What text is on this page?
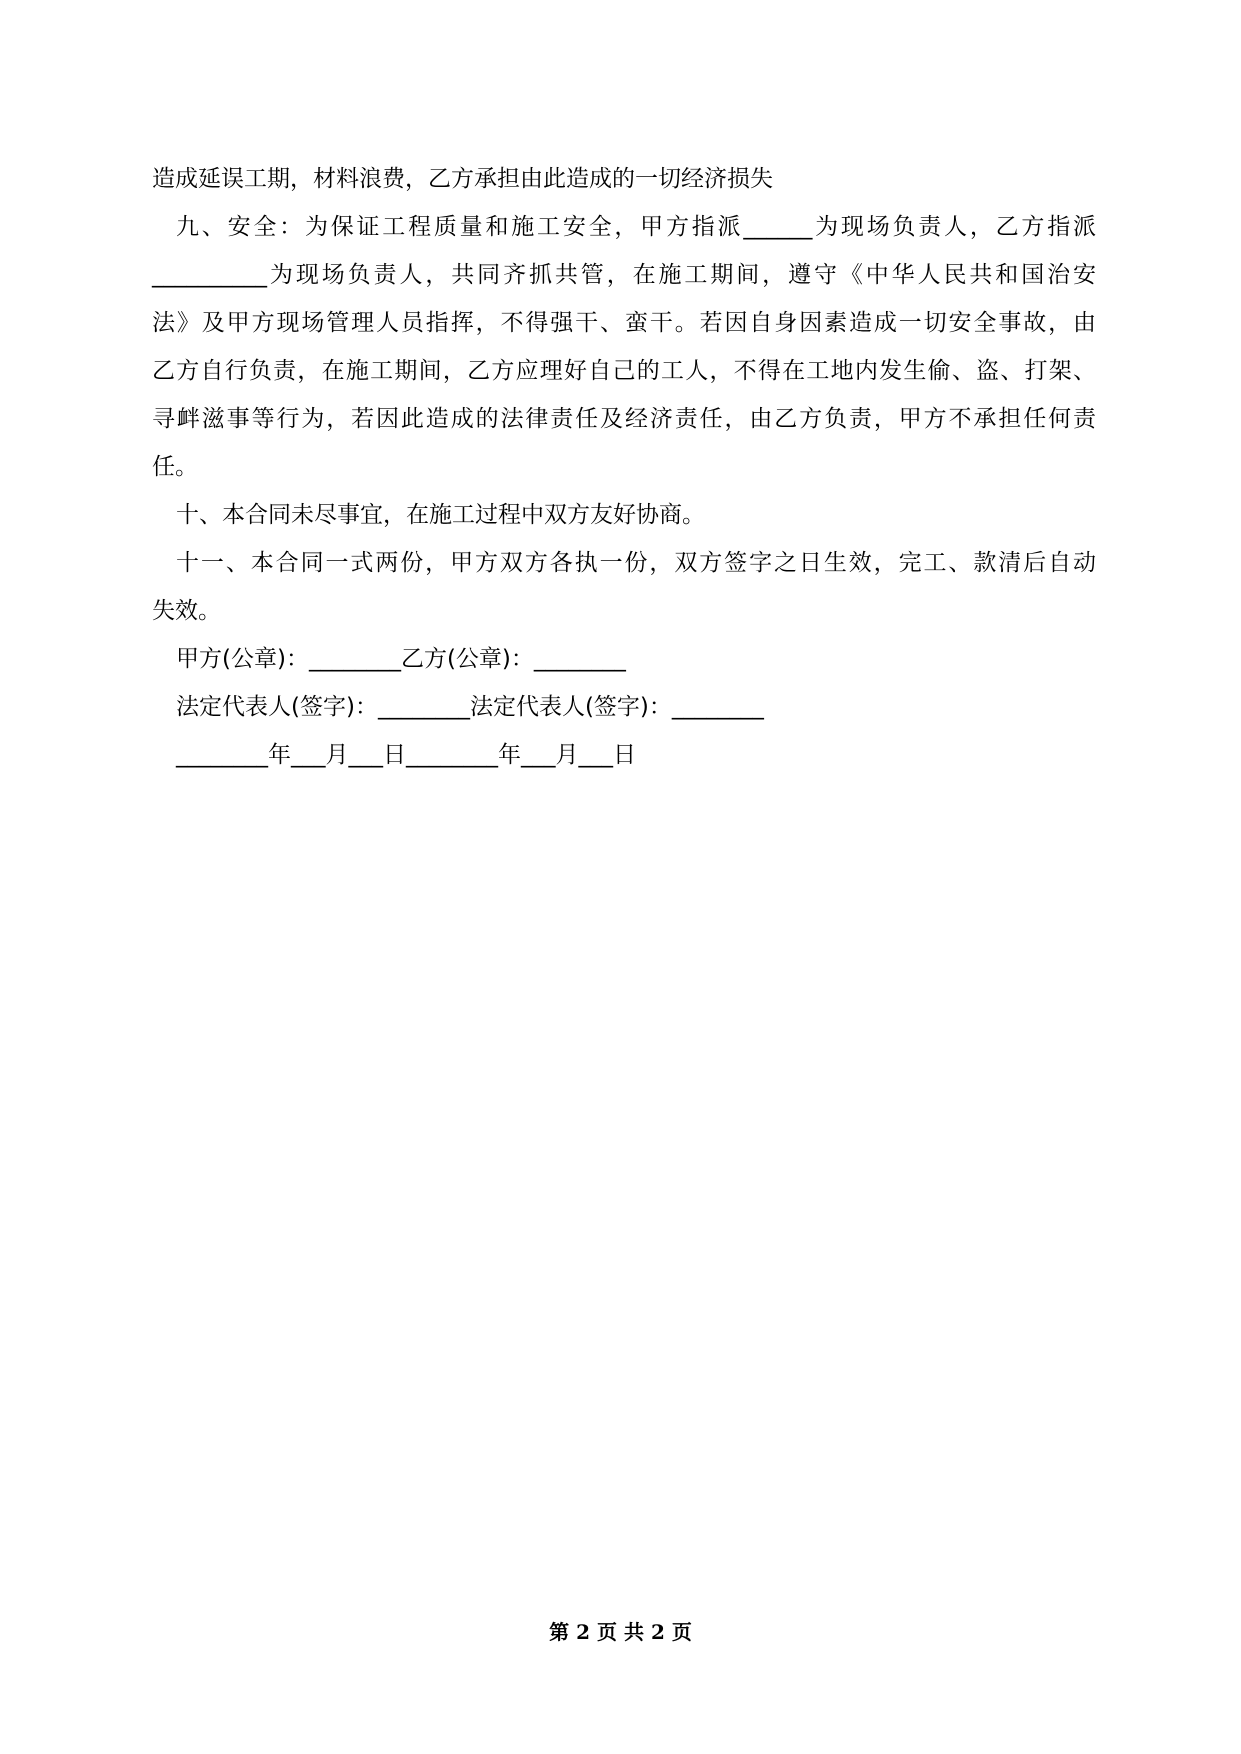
造成延误工期，材料浪费，乙方承担由此造成的一切经济损失
九、安全：为保证工程质量和施工安全，甲方指派______为现场负责人，乙方指派
__________为现场负责人，共同齐抓共管，在施工期间，遵守《中华人民共和国治安
法》及甲方现场管理人员指挥，不得强干、蛮干。若因自身因素造成一切安全事故，由
乙方自行负责，在施工期间，乙方应理好自己的工人，不得在工地内发生偷、盗、打架、
寻衅滋事等行为，若因此造成的法律责任及经济责任，由乙方负责，甲方不承担任何责
任。
十、本合同未尽事宜，在施工过程中双方友好协商。
十一、本合同一式两份，甲方双方各执一份，双方签字之日生效，完工、款清后自动
失效。
甲方(公章)：________乙方(公章)：________
法定代表人(签字)：________法定代表人(签字)：________
________年___月___日________年___月___日
第 2 页 共 2 页
